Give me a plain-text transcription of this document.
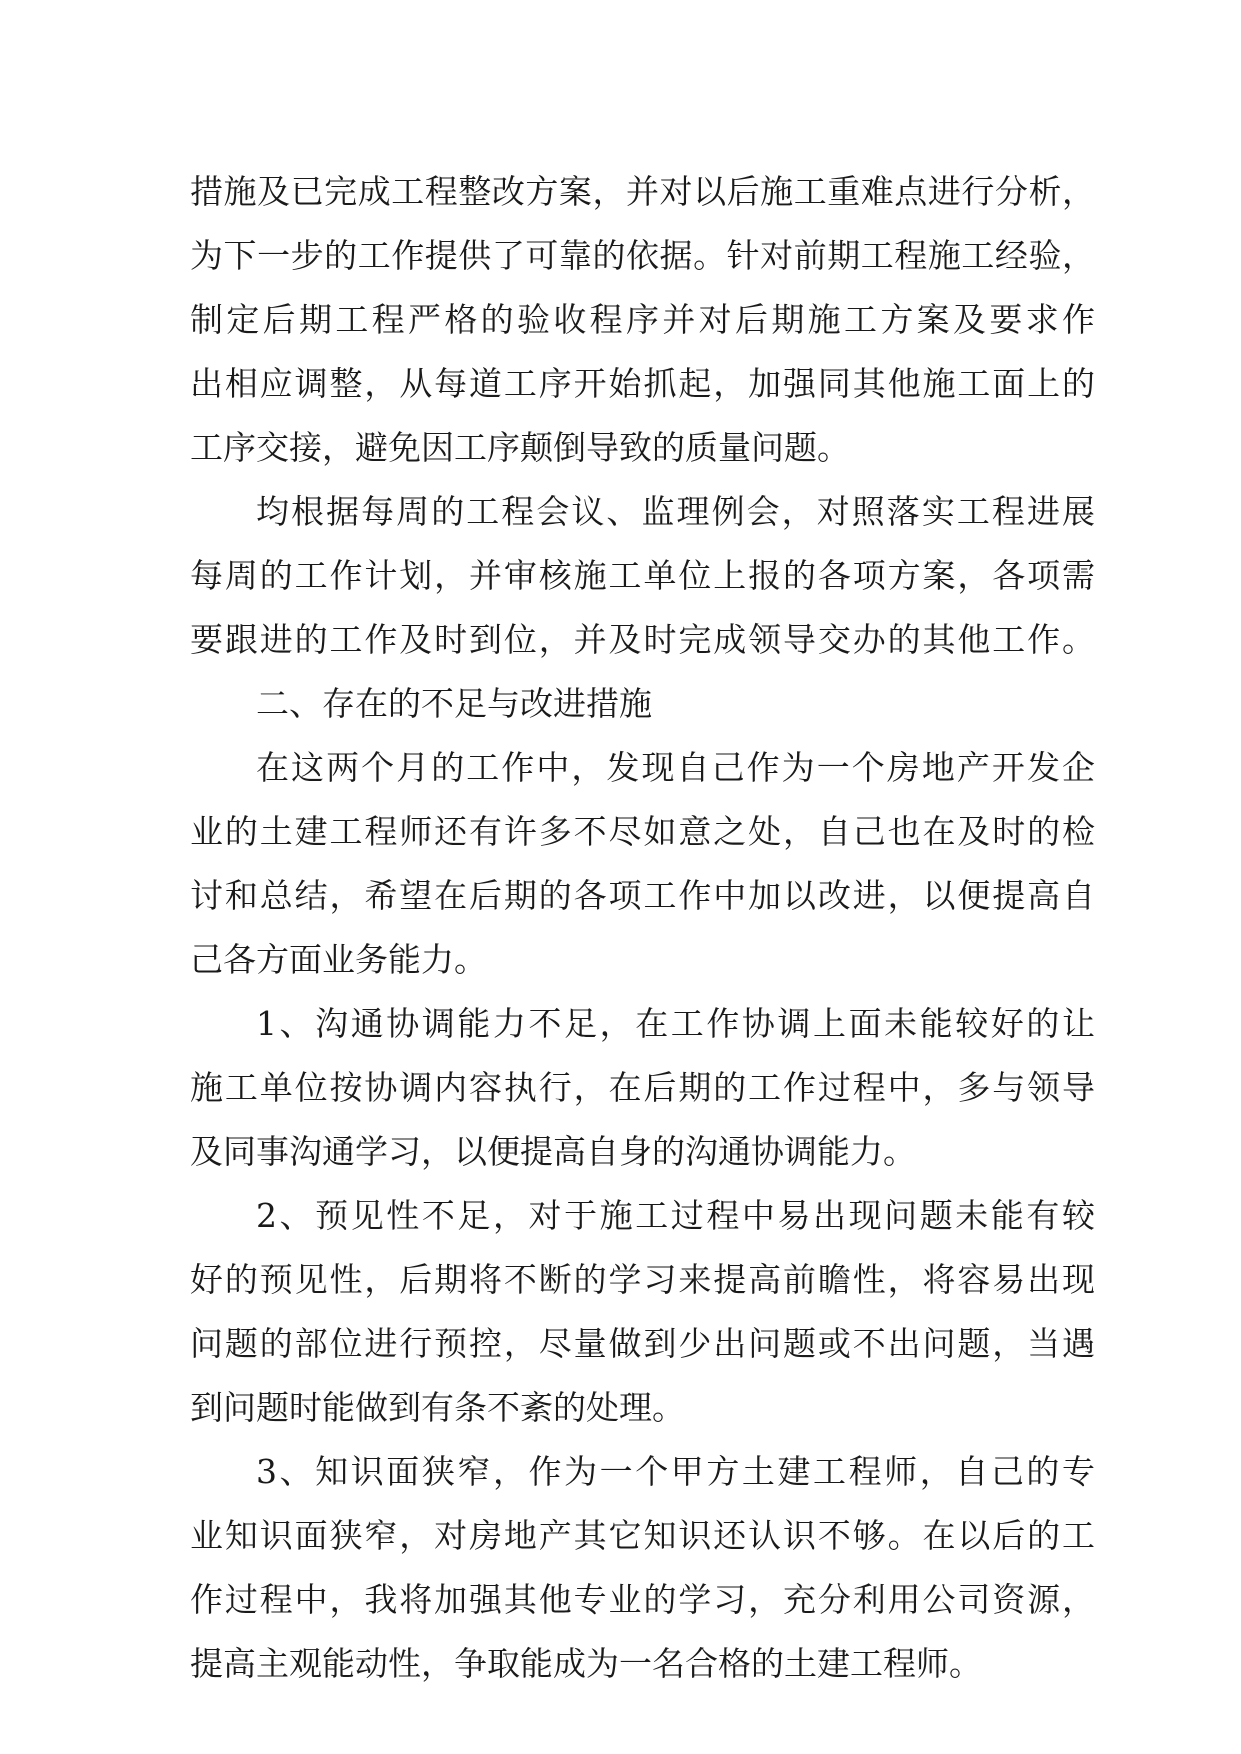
措施及已完成工程整改方案，并对以后施工重难点进行分析，
为下一步的工作提供了可靠的依据。针对前期工程施工经验，
制定后期工程严格的验收程序并对后期施工方案及要求作
出相应调整，从每道工序开始抓起，加强同其他施工面上的
工序交接，避免因工序颠倒导致的质量问题。
均根据每周的工程会议、监理例会，对照落实工程进展
每周的工作计划，并审核施工单位上报的各项方案，各项需
要跟进的工作及时到位，并及时完成领导交办的其他工作。
二、存在的不足与改进措施
在这两个月的工作中，发现自己作为一个房地产开发企
业的土建工程师还有许多不尽如意之处，自己也在及时的检
讨和总结，希望在后期的各项工作中加以改进，以便提高自
己各方面业务能力。
1、沟通协调能力不足，在工作协调上面未能较好的让
施工单位按协调内容执行，在后期的工作过程中，多与领导
及同事沟通学习，以便提高自身的沟通协调能力。
2、预见性不足，对于施工过程中易出现问题未能有较
好的预见性，后期将不断的学习来提高前瞻性，将容易出现
问题的部位进行预控，尽量做到少出问题或不出问题，当遇
到问题时能做到有条不紊的处理。
3、知识面狭窄，作为一个甲方土建工程师，自己的专
业知识面狭窄，对房地产其它知识还认识不够。在以后的工
作过程中，我将加强其他专业的学习，充分利用公司资源，
提高主观能动性，争取能成为一名合格的土建工程师。
